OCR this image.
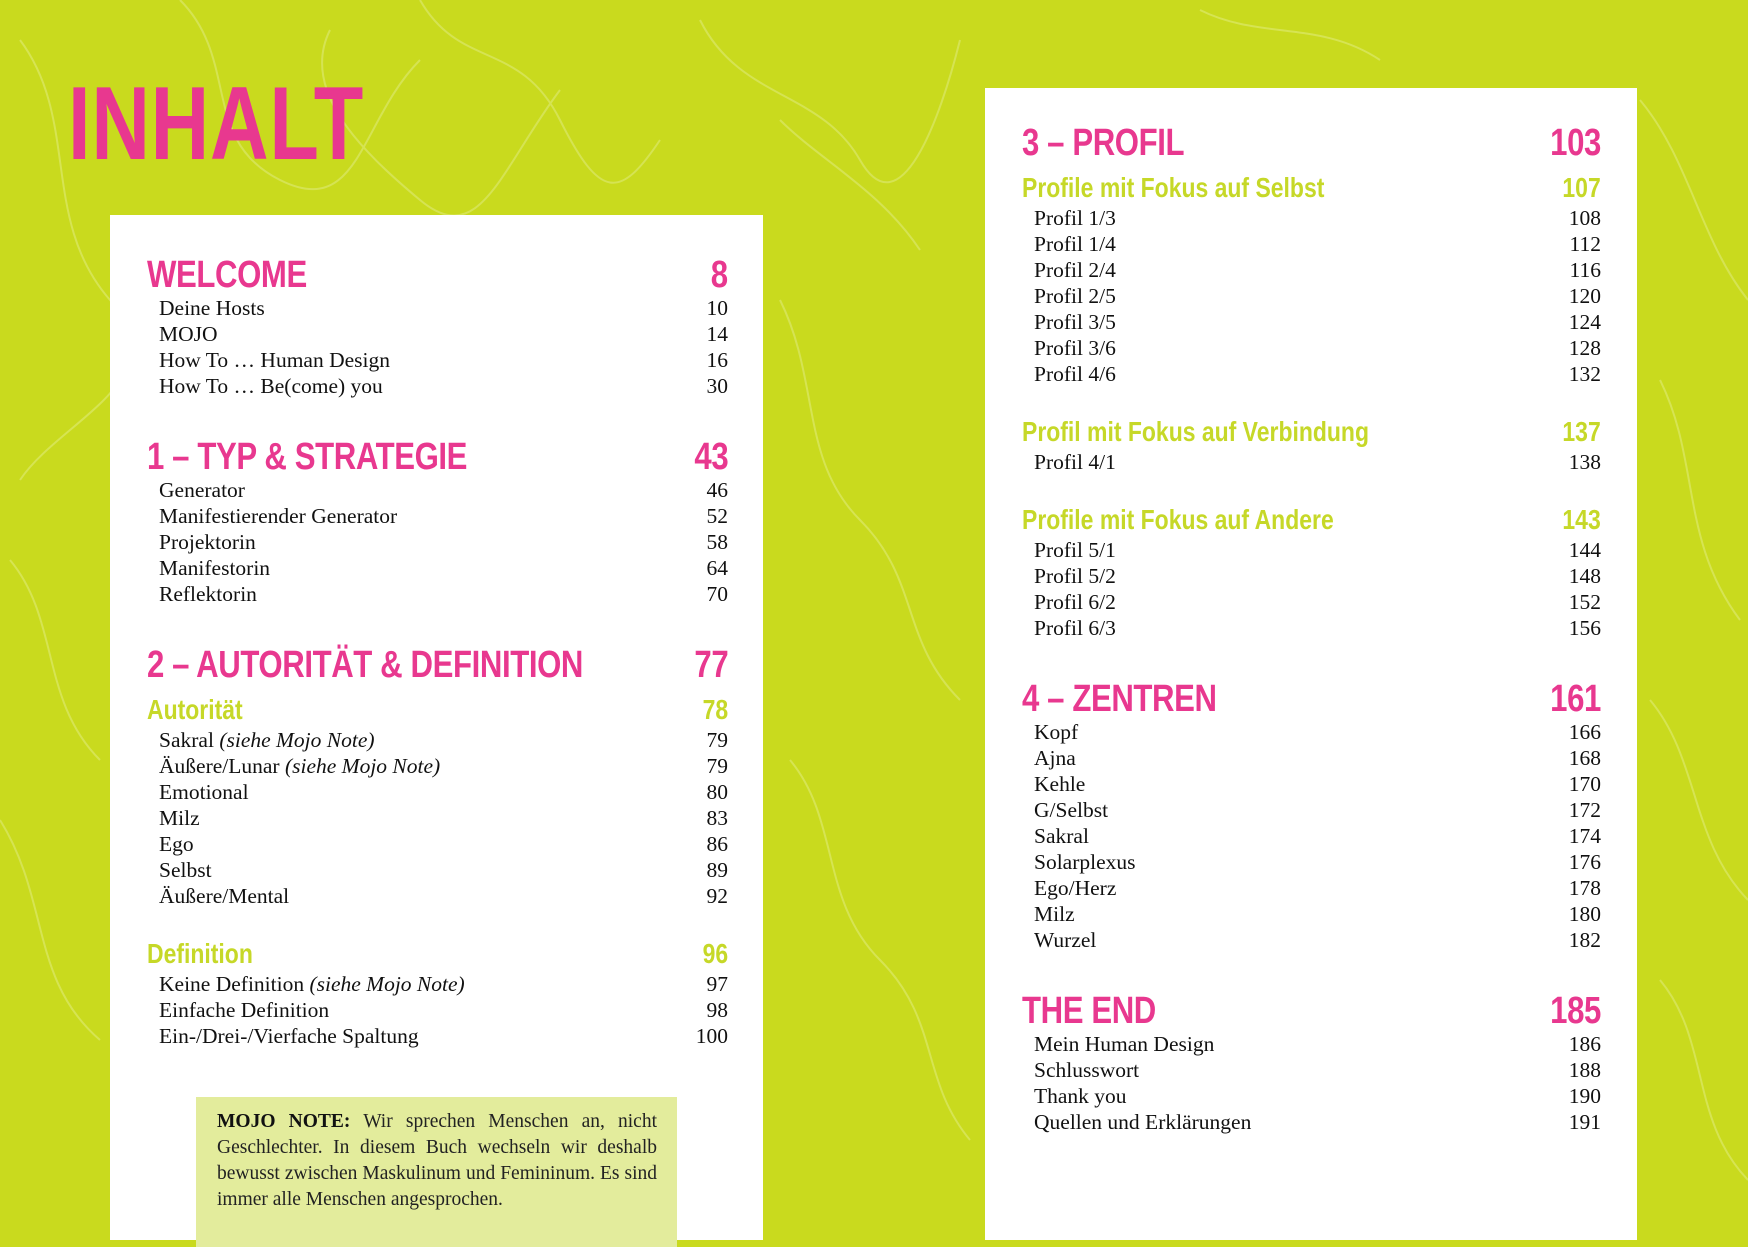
INHALT
WELCOME	8
Deine Hosts	10
MOJO	14
How To … Human Design	16
How To … Be(come) you	30
1 – TYP & STRATEGIE	43
Generator	46
Manifestierender Generator	52
Projektorin	58
Manifestorin	64
Reflektorin	70
2 – AUTORITÄT & DEFINITION	77
Autorität	78
Sakral (siehe Mojo Note)	79
Äußere/Lunar (siehe Mojo Note)	79
Emotional	80
Milz	83
Ego	86
Selbst	89
Äußere/Mental	92
Definition	96
Keine Definition (siehe Mojo Note)	97
Einfache Definition	98
Ein-/Drei-/Vierfache Spaltung	100
MOJO NOTE: Wir sprechen Menschen an, nicht Geschlechter. In diesem Buch wechseln wir deshalb bewusst zwischen Maskulinum und Femininum. Es sind immer alle Menschen angesprochen.
3 – PROFIL	103
Profile mit Fokus auf Selbst	107
Profil 1/3	108
Profil 1/4	112
Profil 2/4	116
Profil 2/5	120
Profil 3/5	124
Profil 3/6	128
Profil 4/6	132
Profil mit Fokus auf Verbindung	137
Profil 4/1	138
Profile mit Fokus auf Andere	143
Profil 5/1	144
Profil 5/2	148
Profil 6/2	152
Profil 6/3	156
4 – ZENTREN	161
Kopf	166
Ajna	168
Kehle	170
G/Selbst	172
Sakral	174
Solarplexus	176
Ego/Herz	178
Milz	180
Wurzel	182
THE END	185
Mein Human Design	186
Schlusswort	188
Thank you	190
Quellen und Erklärungen	191
